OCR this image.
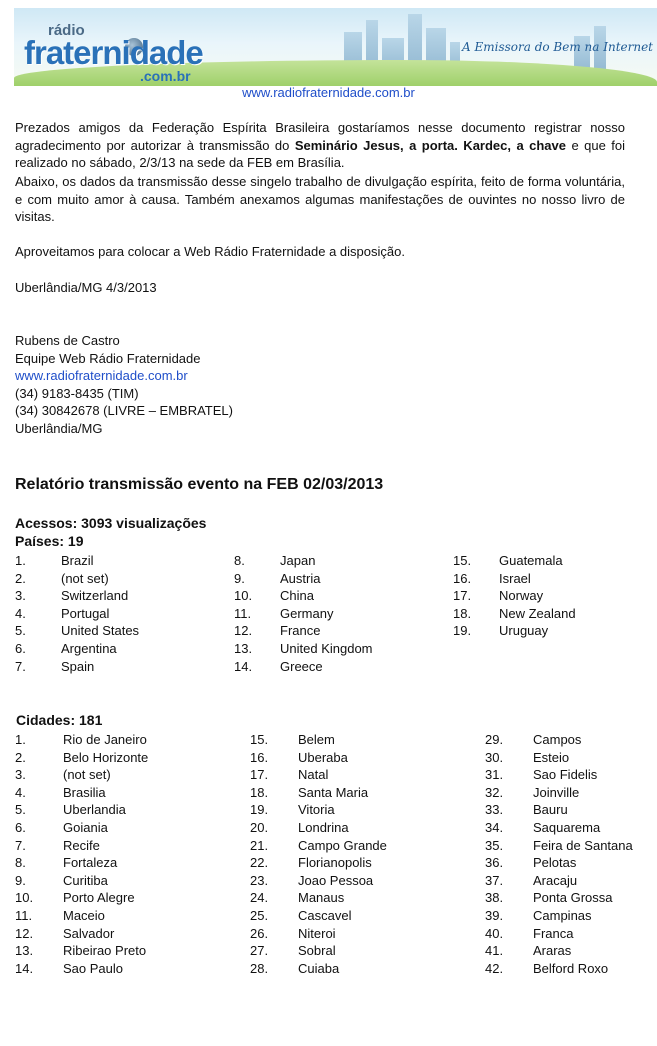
rádio
fraternidade
.com.br
A Emissora do Bem na Internet
www.radiofraternidade.com.br

Prezados amigos da Federação Espírita Brasileira gostaríamos nesse documento registrar nosso agradecimento por autorizar à transmissão do Seminário Jesus, a porta. Kardec, a chave e que foi realizado no sábado, 2/3/13 na sede da FEB em Brasília.

Abaixo, os dados da transmissão desse singelo trabalho de divulgação espírita, feito de forma voluntária, e com muito amor à causa. Também anexamos algumas manifestações de ouvintes no nosso livro de visitas.

Aproveitamos para colocar a Web Rádio Fraternidade a disposição.
Uberlândia/MG 4/3/2013
Rubens de Castro
Equipe Web Rádio Fraternidade
www.radiofraternidade.com.br
(34) 9183-8435 (TIM)
(34) 30842678 (LIVRE – EMBRATEL)
Uberlândia/MG
Relatório transmissão evento na FEB 02/03/2013
Acessos: 3093 visualizações
Países: 19
1.	Brazil
2.	(not set)
3.	Switzerland
4.	Portugal
5.	United States
6.	Argentina
7.	Spain
8.	Japan
9.	Austria
10. China
11. Germany
12. France
13. United Kingdom
14. Greece
15. Guatemala
16. Israel
17. Norway
18. New Zealand
19. Uruguay
Cidades: 181
1.	Rio de Janeiro
2.	Belo Horizonte
3.	(not set)
4.	Brasilia
5.	Uberlandia
6.	Goiania
7.	Recife
8.	Fortaleza
9.	Curitiba
10. Porto Alegre
11. Maceio
12. Salvador
13. Ribeirao Preto
14. Sao Paulo
15. Belem
16. Uberaba
17. Natal
18. Santa Maria
19. Vitoria
20. Londrina
21. Campo Grande
22. Florianopolis
23. Joao Pessoa
24. Manaus
25. Cascavel
26. Niteroi
27. Sobral
28. Cuiaba
29. Campos
30. Esteio
31. Sao Fidelis
32. Joinville
33. Bauru
34. Saquarema
35. Feira de Santana
36. Pelotas
37. Aracaju
38. Ponta Grossa
39. Campinas
40. Franca
41. Araras
42. Belford Roxo
